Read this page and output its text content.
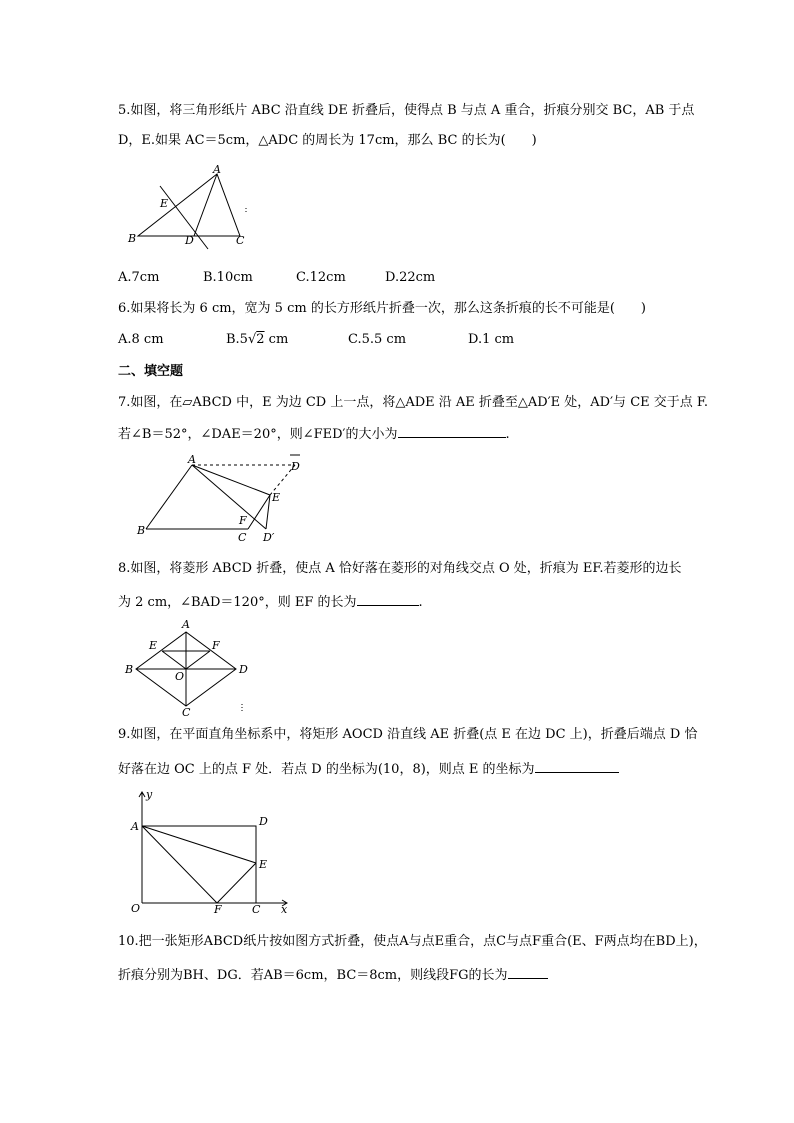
5.如图，将三角形纸片 ABC 沿直线 DE 折叠后，使得点 B 与点 A 重合，折痕分别交 BC，AB 于点
D，E.如果 AC＝5cm，△ADC 的周长为 17cm，那么 BC 的长为(　　)
A
E
B	D	C
A.7cm	B.10cm	C.12cm	D.22cm
6.如果将长为 6 cm，宽为 5 cm 的长方形纸片折叠一次，那么这条折痕的长不可能是(　　)
A.8 cm	B.5√2 cm	C.5.5 cm	D.1 cm
二、填空题
7.如图，在▱ABCD 中，E 为边 CD 上一点，将△ADE 沿 AE 折叠至△AD′E 处，AD′与 CE 交于点 F.
若∠B＝52°，∠DAE＝20°，则∠FED′的大小为	.
A
D
E
F
B
C D′
8.如图，将菱形 ABCD 折叠，使点 A 恰好落在菱形的对角线交点 O 处，折痕为 EF.若菱形的边长
为 2 cm，∠BAD＝120°，则 EF 的长为	.
A
E	F
B	D
O
C
9.如图，在平面直角坐标系中，将矩形 AOCD 沿直线 AE 折叠(点 E 在边 DC 上)，折叠后端点 D 恰
好落在边 OC 上的点 F 处．若点 D 的坐标为(10，8)，则点 E 的坐标为
y
A	D
E
O	F	C x
10.把一张矩形ABCD纸片按如图方式折叠，使点A与点E重合，点C与点F重合(E、F两点均在BD上)，
折痕分别为BH、DG．若AB＝6cm，BC＝8cm，则线段FG的长为
